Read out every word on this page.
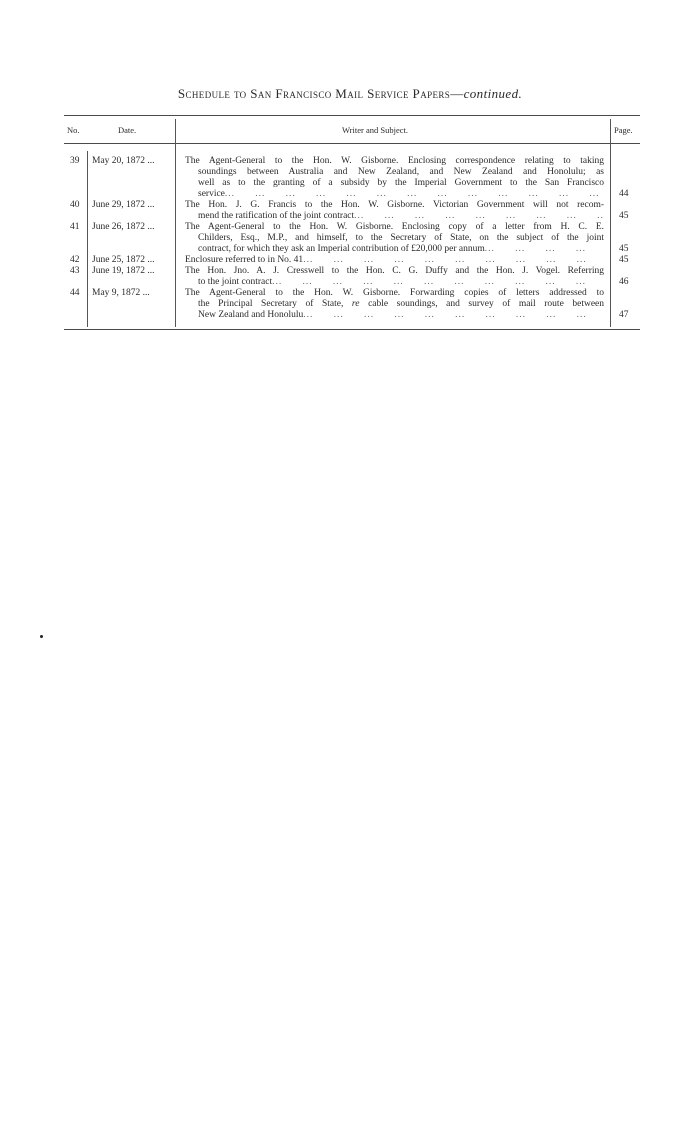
Schedule to San Francisco Mail Service Papers—continued.
No.	Date.	Writer and Subject.	Page.
39 May 20, 1872 ...	The Agent-General to the Hon. W. Gisborne. Enclosing correspondence relating to taking
soundings between Australia and New Zealand, and New Zealand and Honolulu; as
well as to the granting of a subsidy by the Imperial Government to the San Francisco
service ...	44
40 June 29, 1872 ...	The Hon. J. G. Francis to the Hon. W. Gisborne. Victorian Government will not recom-
mend the ratification of the joint contract ...	45
41 June 26, 1872 ...	The Agent-General to the Hon. W. Gisborne. Enclosing copy of a letter from H. C. E.
Childers, Esq., M.P., and himself, to the Secretary of State, on the subject of the joint
contract, for which they ask an Imperial contribution of £20,000 per annum ...	45
42 June 25, 1872 ...	Enclosure referred to in No. 41 ...	45
43 June 19, 1872 ...	The Hon. Jno. A. J. Cresswell to the Hon. C. G. Duffy and the Hon. J. Vogel. Referring
to the joint contract ...	46
44 May 9, 1872 ...	The Agent-General to the Hon. W. Gisborne. Forwarding copies of letters addressed to
the Principal Secretary of State, re cable soundings, and survey of mail route between
New Zealand and Honolulu ...	47
